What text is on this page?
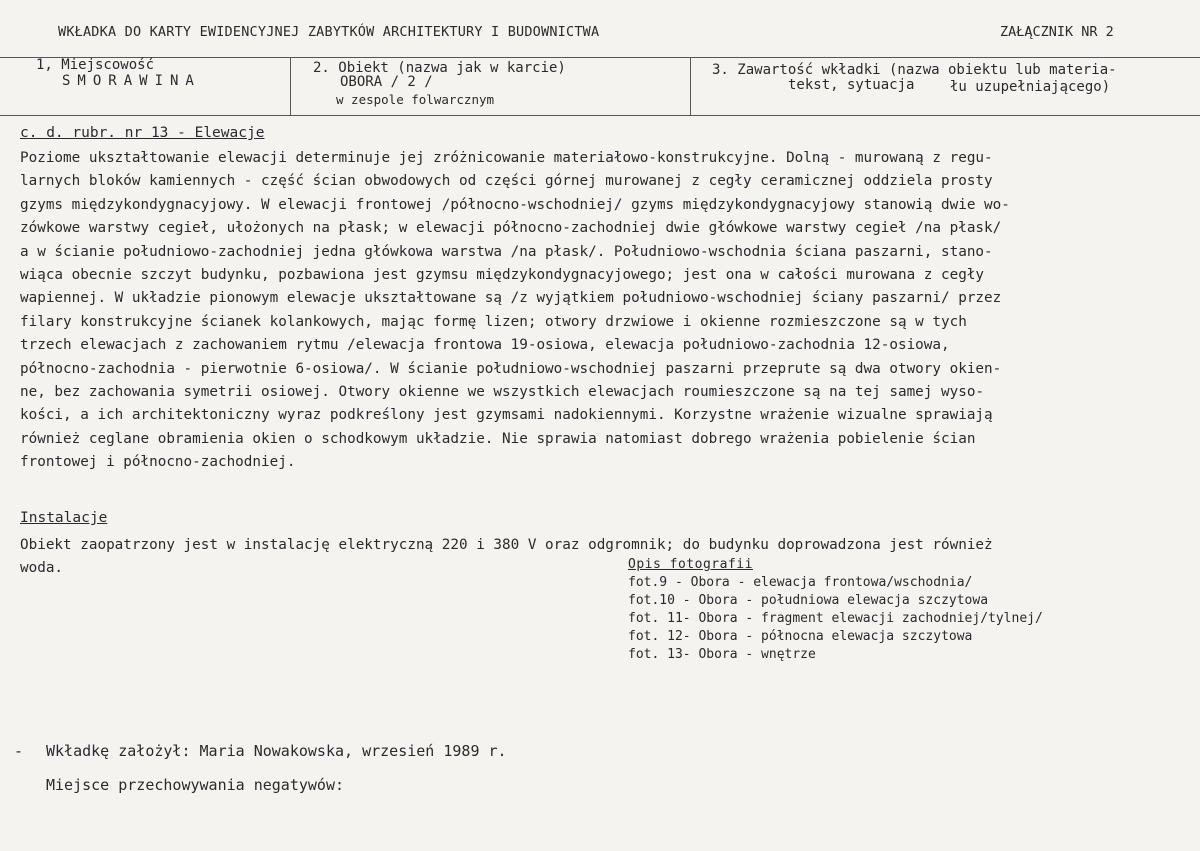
WKŁADKA DO KARTY EWIDENCYJNEJ ZABYTKÓW ARCHITEKTURY I BUDOWNICTWA	ZAŁĄCZNIK NR 2
1, Miejscowość
SMORAWINA
2. Obiekt (nazwa jak w karcie)
OBORA / 2 /
w zespole folwarcznym
3. Zawartość wkładki (nazwa obiektu lub materia-
tekst, sytuacja	łu uzupełniającego)
c. d. rubr. nr 13 - Elewacje
Poziome ukształtowanie elewacji determinuje jej zróżnicowanie materiałowo-konstrukcyjne. Dolną - murowaną z regu-
larnych bloków kamiennych - część ścian obwodowych od części górnej murowanej z cegły ceramicznej oddziela prosty
gzyms międzykondygnacyjowy. W elewacji frontowej /północno-wschodniej/ gzyms międzykondygnacyjowy stanowią dwie wo-
zówkowe warstwy cegieł, ułożonych na płask; w elewacji północno-zachodniej dwie główkowe warstwy cegieł /na płask/
a w ścianie południowo-zachodniej jedna główkowa warstwa /na płask/. Południowo-wschodnia ściana paszarni, stano-
wiąca obecnie szczyt budynku, pozbawiona jest gzymsu międzykondygnacyjowego; jest ona w całości murowana z cegły
wapiennej. W układzie pionowym elewacje ukształtowane są /z wyjątkiem południowo-wschodniej ściany paszarni/ przez
filary konstrukcyjne ścianek kolankowych, mając formę lizen; otwory drzwiowe i okienne rozmieszczone są w tych
trzech elewacjach z zachowaniem rytmu /elewacja frontowa 19-osiowa, elewacja południowo-zachodnia 12-osiowa,
północno-zachodnia - pierwotnie 6-osiowa/. W ścianie południowo-wschodniej paszarni przeprute są dwa otwory okien-
ne, bez zachowania symetrii osiowej. Otwory okienne we wszystkich elewacjach roumieszczone są na tej samej wyso-
kości, a ich architektoniczny wyraz podkreślony jest gzymsami nadokiennymi. Korzystne wrażenie wizualne sprawiają
również ceglane obramienia okien o schodkowym układzie. Nie sprawia natomiast dobrego wrażenia pobielenie ścian
frontowej i północno-zachodniej.
Instalacje
Obiekt zaopatrzony jest w instalację elektryczną 220 i 380 V oraz odgromnik; do budynku doprowadzona jest również
woda.	Opis fotografii
fot.9 - Obora - elewacja frontowa/wschodnia/
fot.10 - Obora - południowa elewacja szczytowa
fot. 11- Obora - fragment elewacji zachodniej/tylnej/
fot. 12- Obora - północna elewacja szczytowa
fot. 13- Obora - wnętrze
- Wkładkę założył: Maria Nowakowska, wrzesień 1989 r.
Miejsce przechowywania negatywów:
